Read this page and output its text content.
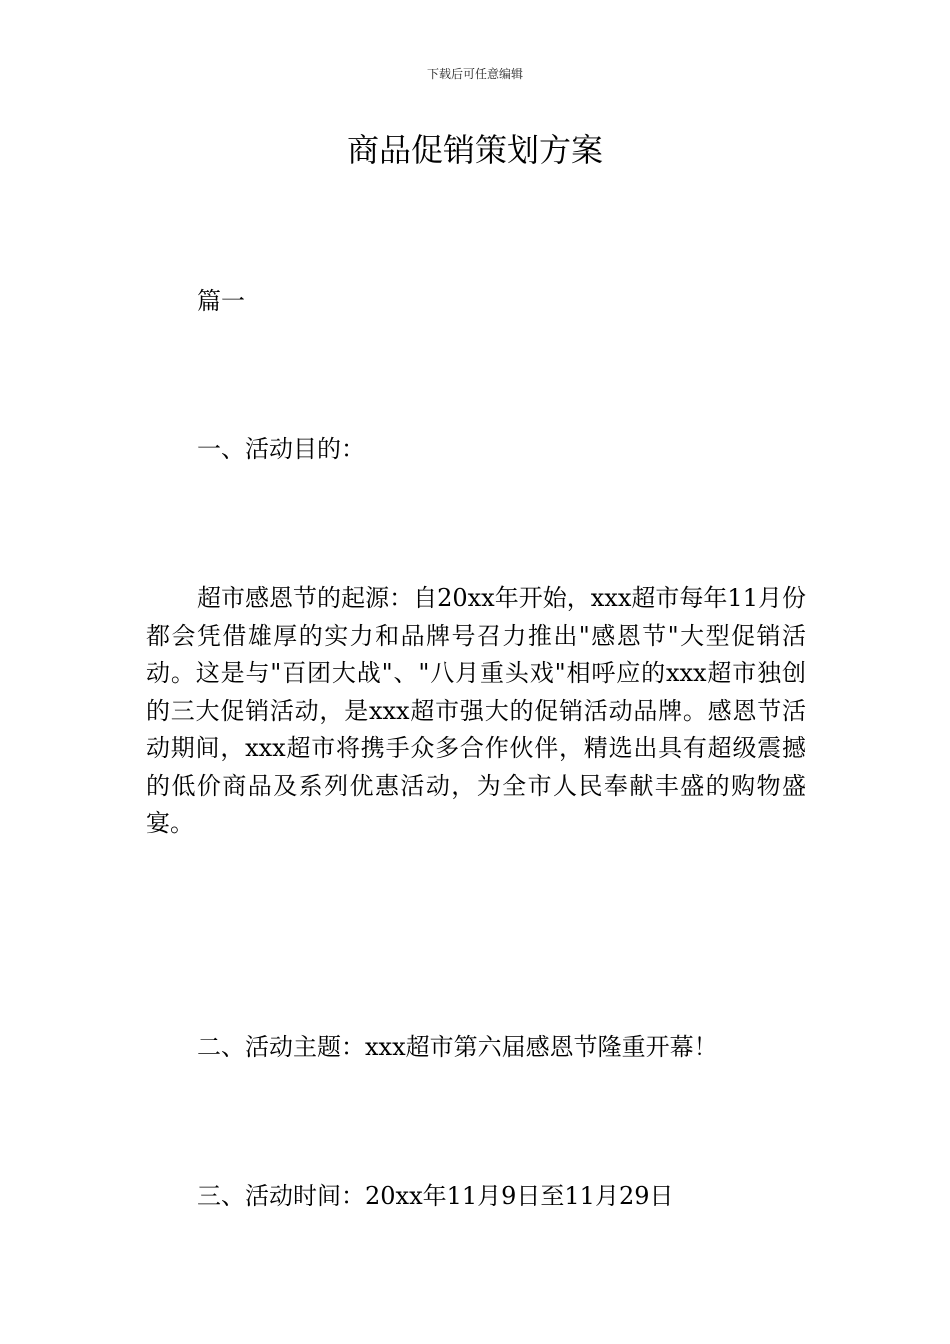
下载后可任意编辑
商品促销策划方案

篇一

一、活动目的：

超市感恩节的起源：自20xx年开始，xxx超市每年11月份都会凭借雄厚的实力和品牌号召力推出"感恩节"大型促销活动。这是与"百团大战"、"八月重头戏"相呼应的xxx超市独创的三大促销活动，是xxx超市强大的促销活动品牌。感恩节活动期间，xxx超市将携手众多合作伙伴，精选出具有超级震撼的低价商品及系列优惠活动，为全市人民奉献丰盛的购物盛宴。

二、活动主题：xxx超市第六届感恩节隆重开幕！

三、活动时间：20xx年11月9日至11月29日
